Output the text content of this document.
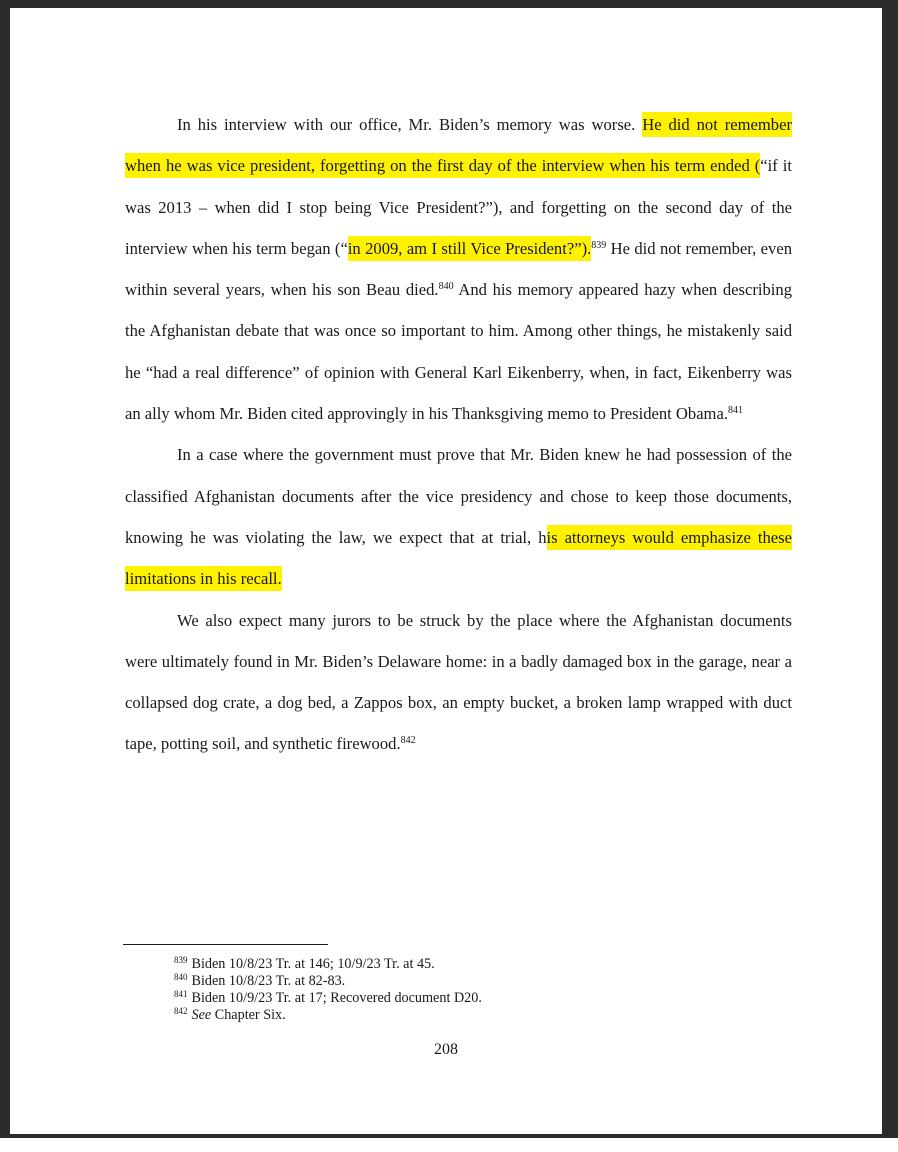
In his interview with our office, Mr. Biden’s memory was worse. He did not remember when he was vice president, forgetting on the first day of the interview when his term ended (“if it was 2013 – when did I stop being Vice President?”), and forgetting on the second day of the interview when his term began (“in 2009, am I still Vice President?”).$^{839}$ He did not remember, even within several years, when his son Beau died.$^{840}$ And his memory appeared hazy when describing the Afghanistan debate that was once so important to him. Among other things, he mistakenly said he “had a real difference” of opinion with General Karl Eikenberry, when, in fact, Eikenberry was an ally whom Mr. Biden cited approvingly in his Thanksgiving memo to President Obama.$^{841}$

In a case where the government must prove that Mr. Biden knew he had possession of the classified Afghanistan documents after the vice presidency and chose to keep those documents, knowing he was violating the law, we expect that at trial, his attorneys would emphasize these limitations in his recall.

We also expect many jurors to be struck by the place where the Afghanistan documents were ultimately found in Mr. Biden’s Delaware home: in a badly damaged box in the garage, near a collapsed dog crate, a dog bed, a Zappos box, an empty bucket, a broken lamp wrapped with duct tape, potting soil, and synthetic firewood.$^{842}$

$^{839}$ Biden 10/8/23 Tr. at 146; 10/9/23 Tr. at 45.
$^{840}$ Biden 10/8/23 Tr. at 82-83.
$^{841}$ Biden 10/9/23 Tr. at 17; Recovered document D20.
$^{842}$ See Chapter Six.
208
